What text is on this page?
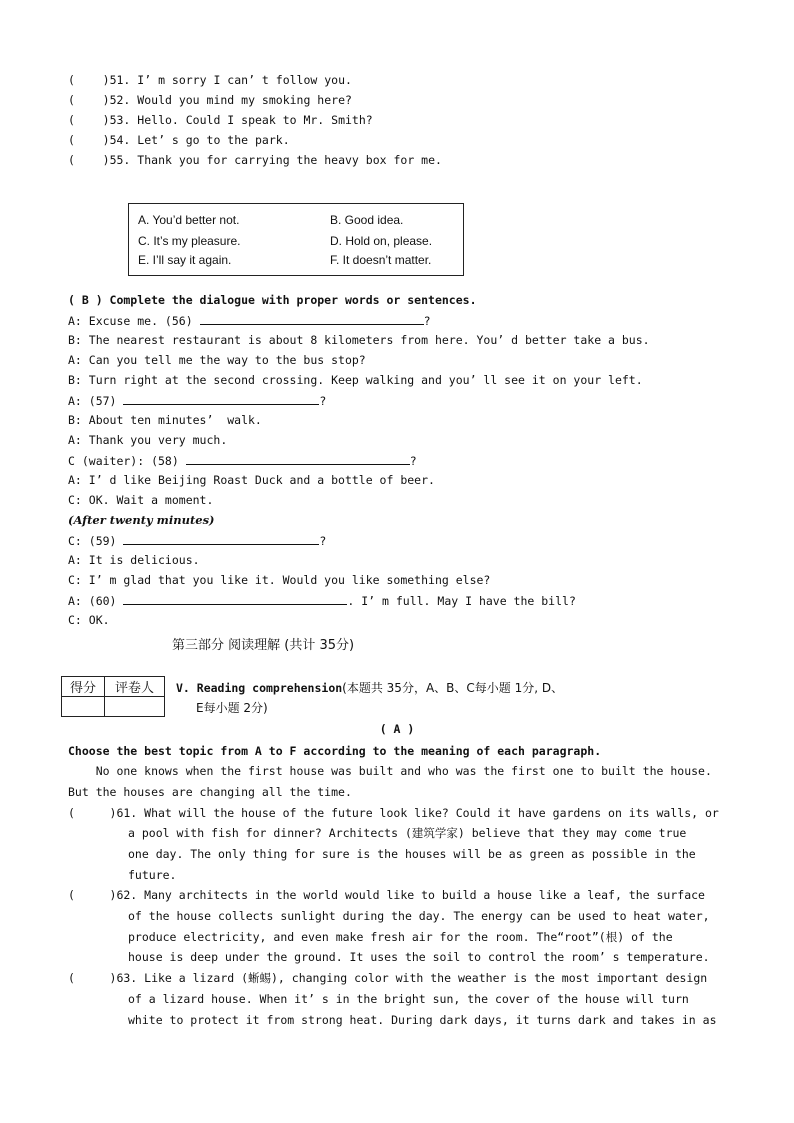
( )51. I’ m sorry I can’ t follow you.
( )52. Would you mind my smoking here?
( )53. Hello. Could I speak to Mr. Smith?
( )54. Let’ s go to the park.
( )55. Thank you for carrying the heavy box for me.
A. You’d better not.	B. Good idea.
C. It’s my pleasure.	D. Hold on, please.
E. I’ll say it again.	F. It doesn’t matter.
( B ) Complete the dialogue with proper words or sentences.
A: Excuse me. (56)	?
B: The nearest restaurant is about 8 kilometers from here. You’ d better take a bus.
A: Can you tell me the way to the bus stop?
B: Turn right at the second crossing. Keep walking and you’ ll see it on your left.
A: (57)	?
B: About ten minutes’  walk.
A: Thank you very much.
C (waiter): (58)	?
A: I’ d like Beijing Roast Duck and a bottle of beer.
C: OK. Wait a moment.
(After twenty minutes)
C: (59)	?
A: It is delicious.
C: I’ m glad that you like it. Would you like something else?
A: (60)	. I’ m full. May I have the bill?
C: OK.
第三部分 阅读理解 (共计 35分)
得分	评卷人
	V. Reading comprehension(本题共 35分，A、B、C每小题 1分, D、
E每小题 2分)
( A )
Choose the best topic from A to F according to the meaning of each paragraph.
No one knows when the first house was built and who was the first one to built the house.
But the houses are changing all the time.
(     )61. What will the house of the future look like? Could it have gardens on its walls, or
a pool with fish for dinner? Architects (建筑学家) believe that they may come true
one day. The only thing for sure is the houses will be as green as possible in the
future.
(     )62. Many architects in the world would like to build a house like a leaf, the surface
of the house collects sunlight during the day. The energy can be used to heat water,
produce electricity, and even make fresh air for the room. The“root”(根) of the
house is deep under the ground. It uses the soil to control the room’ s temperature.
(     )63. Like a lizard (蜥蜴), changing color with the weather is the most important design
of a lizard house. When it’ s in the bright sun, the cover of the house will turn
white to protect it from strong heat. During dark days, it turns dark and takes in as
